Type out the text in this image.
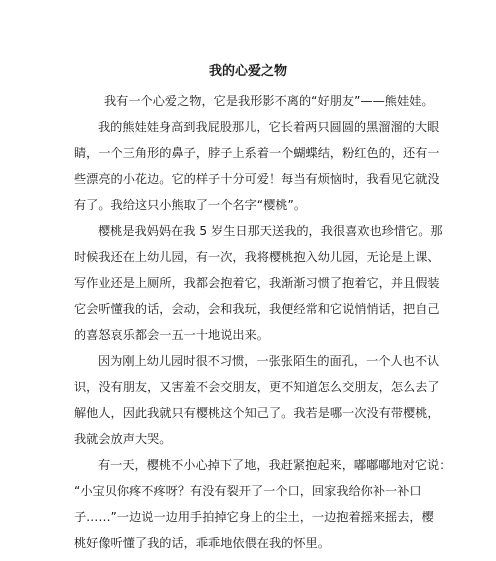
我的心爱之物
我有一个心爱之物，它是我形影不离的“好朋友”——熊娃娃。
我的熊娃娃身高到我屁股那儿，它长着两只圆圆的黑溜溜的大眼
睛，一个三角形的鼻子，脖子上系着一个蝴蝶结，粉红色的，还有一
些漂亮的小花边。它的样子十分可爱！每当有烦恼时，我看见它就没
有了。我给这只小熊取了一个名字“樱桃”。
樱桃是我妈妈在我 5 岁生日那天送我的，我很喜欢也珍惜它。那
时候我还在上幼儿园，有一次，我将樱桃抱入幼儿园，无论是上课、
写作业还是上厕所，我都会抱着它，我渐渐习惯了抱着它，并且假装
它会听懂我的话，会动，会和我玩，我便经常和它说悄悄话，把自己
的喜怒哀乐都会一五一十地说出来。
因为刚上幼儿园时很不习惯，一张张陌生的面孔，一个人也不认
识，没有朋友，又害羞不会交朋友，更不知道怎么交朋友，怎么去了
解他人，因此我就只有樱桃这个知己了。我若是哪一次没有带樱桃，
我就会放声大哭。
有一天，樱桃不小心掉下了地，我赶紧抱起来，嘟嘟嘟地对它说：
“小宝贝你疼不疼呀？有没有裂开了一个口，回家我给你补一补口
子……”一边说一边用手拍掉它身上的尘土，一边抱着摇来摇去，樱
桃好像听懂了我的话，乖乖地依偎在我的怀里。
